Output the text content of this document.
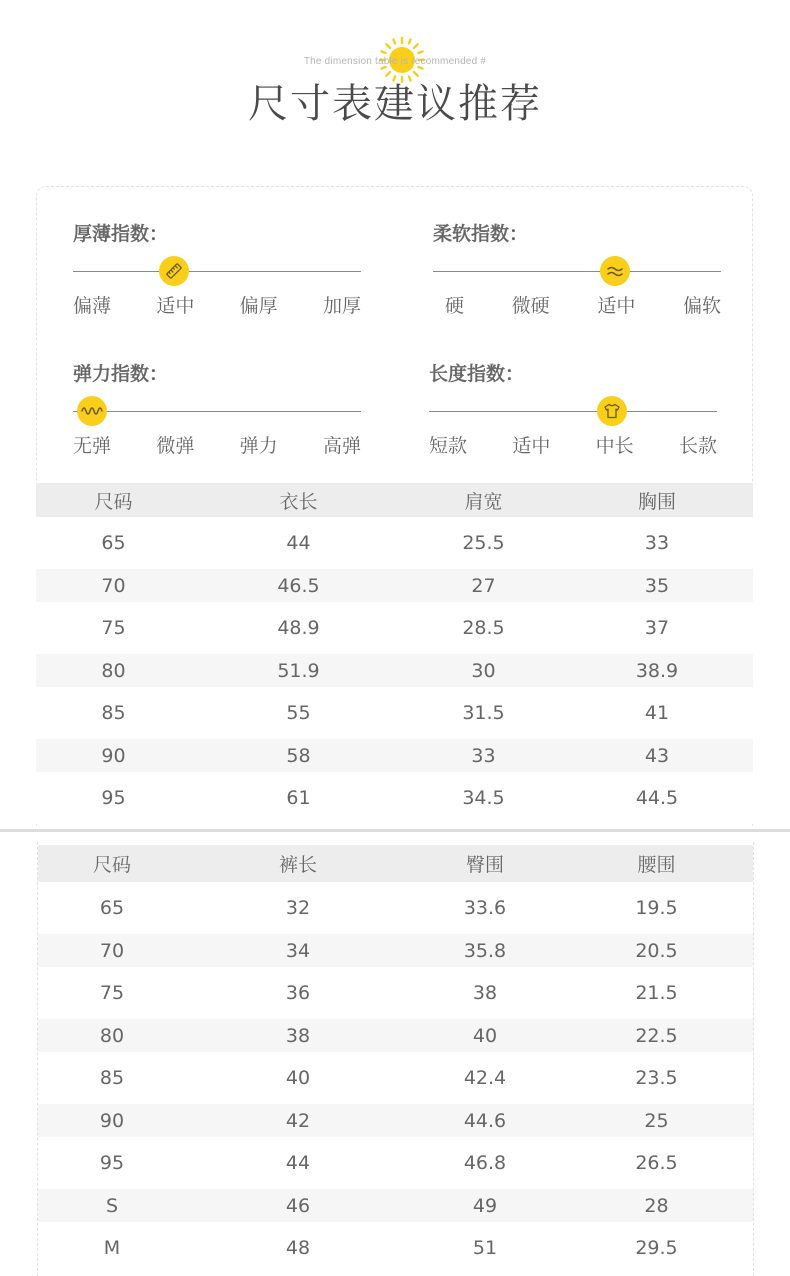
The dimension table is recommended #
尺寸表建议推荐
厚薄指数：
偏薄 适中 偏厚 加厚
柔软指数：
硬	微硬	适中	偏软
弹力指数：
无弹 微弹 弹力 高弹
长度指数：
短款 适中 中长 长款
尺码	衣长	肩宽	胸围
65	44	25.5	33
70	46.5	27	35
75	48.9	28.5	37
80	51.9	30	38.9
85	55	31.5	41
90	58	33	43
95	61	34.5	44.5
尺码	裤长	臀围	腰围
65	32	33.6	19.5
70	34	35.8	20.5
75	36	38	21.5
80	38	40	22.5
85	40	42.4	23.5
90	42	44.6	25
95	44	46.8	26.5
S	46	49	28
M	48	51	29.5
